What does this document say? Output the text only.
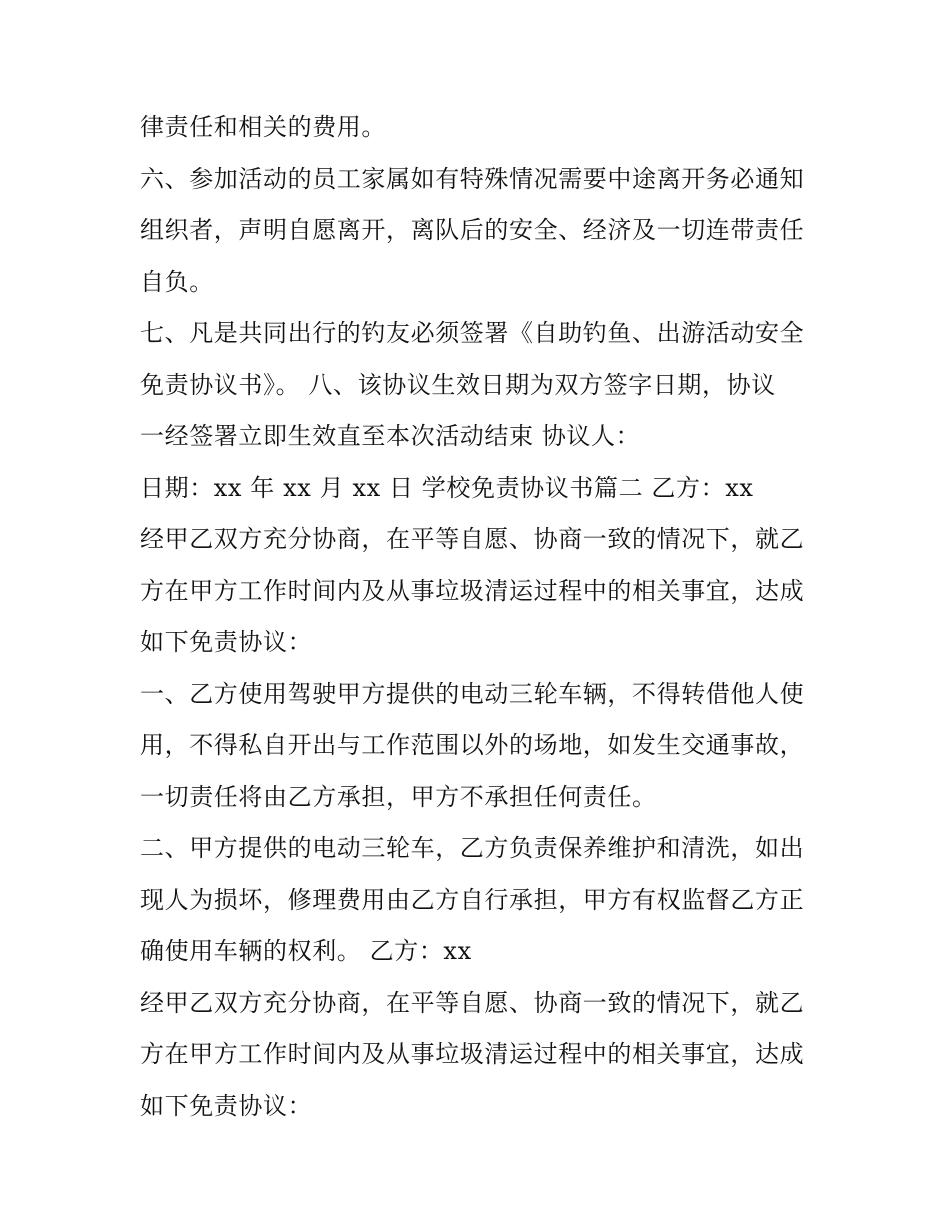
律责任和相关的费用。
六、参加活动的员工家属如有特殊情况需要中途离开务必通知
组织者，声明自愿离开，离队后的安全、经济及一切连带责任
自负。
七、凡是共同出行的钓友必须签署《自助钓鱼、出游活动安全
免责协议书》。 八、该协议生效日期为双方签字日期，协议
一经签署立即生效直至本次活动结束 协议人：
日期：xx 年 xx 月 xx 日 学校免责协议书篇二 乙方：xx
经甲乙双方充分协商，在平等自愿、协商一致的情况下，就乙
方在甲方工作时间内及从事垃圾清运过程中的相关事宜，达成
如下免责协议：
一、乙方使用驾驶甲方提供的电动三轮车辆，不得转借他人使
用，不得私自开出与工作范围以外的场地，如发生交通事故，
一切责任将由乙方承担，甲方不承担任何责任。
二、甲方提供的电动三轮车，乙方负责保养维护和清洗，如出
现人为损坏，修理费用由乙方自行承担，甲方有权监督乙方正
确使用车辆的权利。 乙方：xx
经甲乙双方充分协商，在平等自愿、协商一致的情况下，就乙
方在甲方工作时间内及从事垃圾清运过程中的相关事宜，达成
如下免责协议：
